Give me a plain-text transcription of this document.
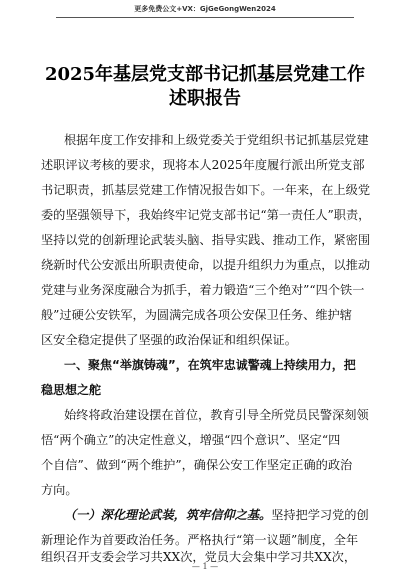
更多免费公文+VX：GjGeGongWen2024
2025年基层党支部书记抓基层党建工作
述职报告
根据年度工作安排和上级党委关于党组织书记抓基层党建
述职评议考核的要求，现将本人2025年度履行派出所党支部
书记职责，抓基层党建工作情况报告如下。一年来，在上级党
委的坚强领导下，我始终牢记党支部书记“第一责任人”职责，
坚持以党的创新理论武装头脑、指导实践、推动工作，紧密围
绕新时代公安派出所职责使命，以提升组织力为重点，以推动
党建与业务深度融合为抓手，着力锻造“三个绝对”“四个铁一
般”过硬公安铁军，为圆满完成各项公安保卫任务、维护辖
区安全稳定提供了坚强的政治保证和组织保证。
一、聚焦“举旗铸魂”，在筑牢忠诚警魂上持续用力，把
稳思想之舵
始终将政治建设摆在首位，教育引导全所党员民警深刻领
悟“两个确立”的决定性意义，增强“四个意识”、坚定“四
个自信”、做到“两个维护”，确保公安工作坚定正确的政治
方向。
（一）深化理论武装，筑牢信仰之基。坚持把学习党的创
新理论作为首要政治任务。严格执行“第一议题”制度，全年
组织召开支委会学习共XX次，党员大会集中学习共XX次，
— 1 —
